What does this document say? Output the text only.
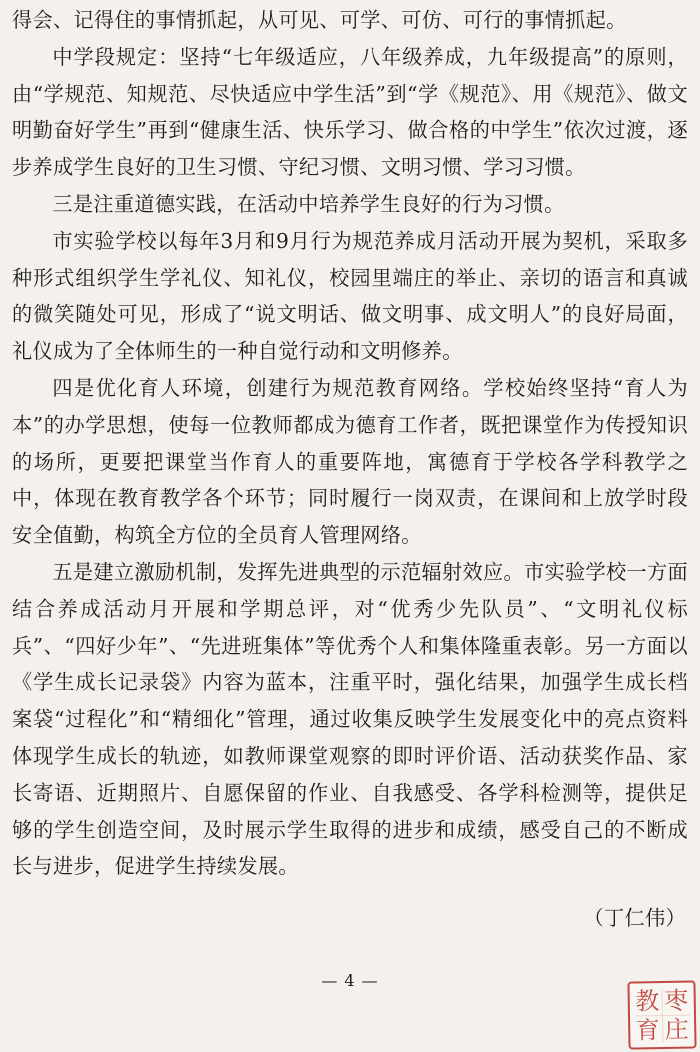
得会、记得住的事情抓起，从可见、可学、可仿、可行的事情抓起。

中学段规定：坚持“七年级适应，八年级养成，九年级提高”的原则，由“学规范、知规范、尽快适应中学生活”到“学《规范》、用《规范》、做文明勤奋好学生”再到“健康生活、快乐学习、做合格的中学生”依次过渡，逐步养成学生良好的卫生习惯、守纪习惯、文明习惯、学习习惯。

三是注重道德实践，在活动中培养学生良好的行为习惯。

市实验学校以每年3月和9月行为规范养成月活动开展为契机，采取多种形式组织学生学礼仪、知礼仪，校园里端庄的举止、亲切的语言和真诚的微笑随处可见，形成了“说文明话、做文明事、成文明人”的良好局面，礼仪成为了全体师生的一种自觉行动和文明修养。

四是优化育人环境，创建行为规范教育网络。学校始终坚持“育人为本”的办学思想，使每一位教师都成为德育工作者，既把课堂作为传授知识的场所，更要把课堂当作育人的重要阵地，寓德育于学校各学科教学之中，体现在教育教学各个环节；同时履行一岗双责，在课间和上放学时段安全值勤，构筑全方位的全员育人管理网络。

五是建立激励机制，发挥先进典型的示范辐射效应。市实验学校一方面结合养成活动月开展和学期总评，对“优秀少先队员”、“文明礼仪标兵”、“四好少年”、“先进班集体”等优秀个人和集体隆重表彰。另一方面以《学生成长记录袋》内容为蓝本，注重平时，强化结果，加强学生成长档案袋“过程化”和“精细化”管理，通过收集反映学生发展变化中的亮点资料体现学生成长的轨迹，如教师课堂观察的即时评价语、活动获奖作品、家长寄语、近期照片、自愿保留的作业、自我感受、各学科检测等，提供足够的学生创造空间，及时展示学生取得的进步和成绩，感受自己的不断成长与进步，促进学生持续发展。

（丁仁伟）
— 4 —
枣
庄
教
育
